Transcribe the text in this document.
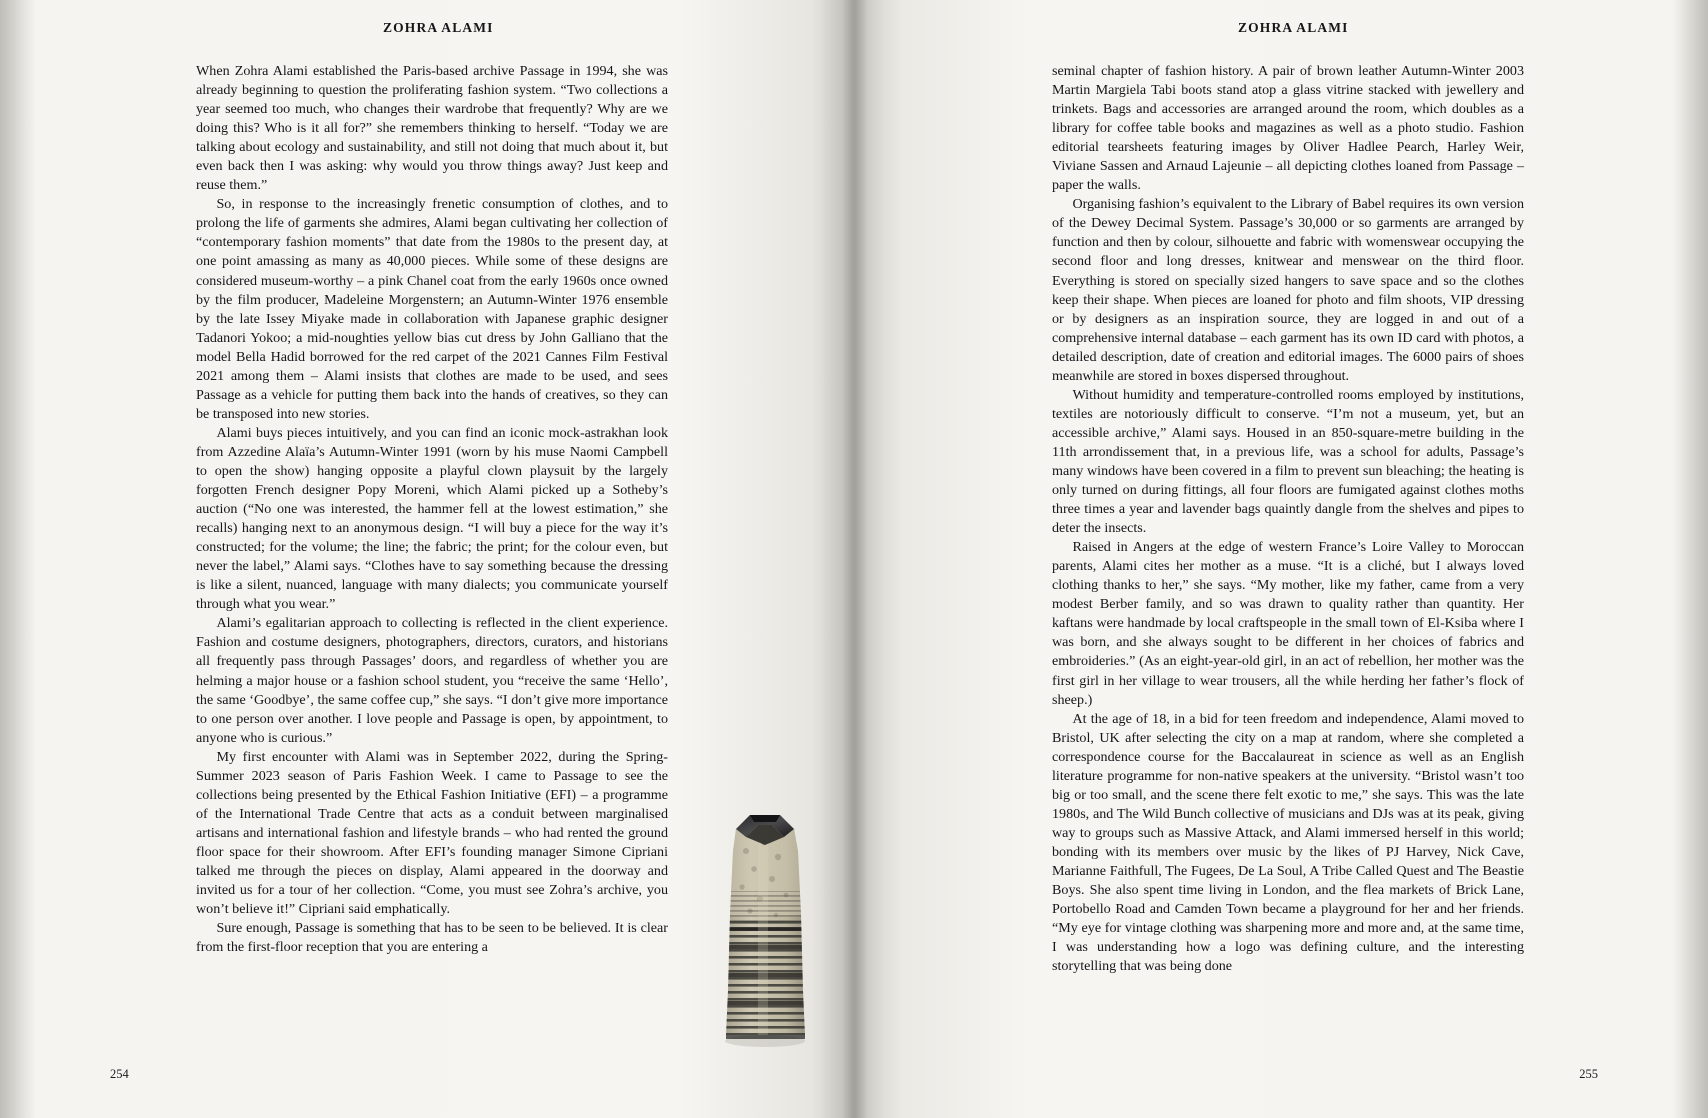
ZOHRA ALAMI	ZOHRA ALAMI

When Zohra Alami established the Paris-based archive Passage in 1994, she was already beginning to question the proliferating fashion system. “Two collections a year seemed too much, who changes their wardrobe that frequently? Why are we doing this? Who is it all for?” she remembers thinking to herself. “Today we are talking about ecology and sustainability, and still not doing that much about it, but even back then I was asking: why would you throw things away? Just keep and reuse them.”

So, in response to the increasingly frenetic consumption of clothes, and to prolong the life of garments she admires, Alami began cultivating her collection of “contemporary fashion moments” that date from the 1980s to the present day, at one point amassing as many as 40,000 pieces. While some of these designs are considered museum-worthy – a pink Chanel coat from the early 1960s once owned by the film producer, Madeleine Morgenstern; an Autumn-Winter 1976 ensemble by the late Issey Miyake made in collaboration with Japanese graphic designer Tadanori Yokoo; a mid-noughties yellow bias cut dress by John Galliano that the model Bella Hadid borrowed for the red carpet of the 2021 Cannes Film Festival 2021 among them – Alami insists that clothes are made to be used, and sees Passage as a vehicle for putting them back into the hands of creatives, so they can be transposed into new stories.

Alami buys pieces intuitively, and you can find an iconic mock-astrakhan look from Azzedine Alaïa’s Autumn-Winter 1991 (worn by his muse Naomi Campbell to open the show) hanging opposite a playful clown playsuit by the largely forgotten French designer Popy Moreni, which Alami picked up a Sotheby’s auction (“No one was interested, the hammer fell at the lowest estimation,” she recalls) hanging next to an anonymous design. “I will buy a piece for the way it’s constructed; for the volume; the line; the fabric; the print; for the colour even, but never the label,” Alami says. “Clothes have to say something because the dressing is like a silent, nuanced, language with many dialects; you communicate yourself through what you wear.”

Alami’s egalitarian approach to collecting is reflected in the client experience. Fashion and costume designers, photographers, directors, curators, and historians all frequently pass through Passages’ doors, and regardless of whether you are helming a major house or a fashion school student, you “receive the same ‘Hello’, the same ‘Goodbye’, the same coffee cup,” she says. “I don’t give more importance to one person over another. I love people and Passage is open, by appointment, to anyone who is curious.”

My first encounter with Alami was in September 2022, during the Spring-Summer 2023 season of Paris Fashion Week. I came to Passage to see the collections being presented by the Ethical Fashion Initiative (EFI) – a programme of the International Trade Centre that acts as a conduit between marginalised artisans and international fashion and lifestyle brands – who had rented the ground floor space for their showroom. After EFI’s founding manager Simone Cipriani talked me through the pieces on display, Alami appeared in the doorway and invited us for a tour of her collection. “Come, you must see Zohra’s archive, you won’t believe it!” Cipriani said emphatically.

Sure enough, Passage is something that has to be seen to be believed. It is clear from the first-floor reception that you are entering a

seminal chapter of fashion history. A pair of brown leather Autumn-Winter 2003 Martin Margiela Tabi boots stand atop a glass vitrine stacked with jewellery and trinkets. Bags and accessories are arranged around the room, which doubles as a library for coffee table books and magazines as well as a photo studio. Fashion editorial tearsheets featuring images by Oliver Hadlee Pearch, Harley Weir, Viviane Sassen and Arnaud Lajeunie – all depicting clothes loaned from Passage – paper the walls.

Organising fashion’s equivalent to the Library of Babel requires its own version of the Dewey Decimal System. Passage’s 30,000 or so garments are arranged by function and then by colour, silhouette and fabric with womenswear occupying the second floor and long dresses, knitwear and menswear on the third floor. Everything is stored on specially sized hangers to save space and so the clothes keep their shape. When pieces are loaned for photo and film shoots, VIP dressing or by designers as an inspiration source, they are logged in and out of a comprehensive internal database – each garment has its own ID card with photos, a detailed description, date of creation and editorial images. The 6000 pairs of shoes meanwhile are stored in boxes dispersed throughout.

Without humidity and temperature-controlled rooms employed by institutions, textiles are notoriously difficult to conserve. “I’m not a museum, yet, but an accessible archive,” Alami says. Housed in an 850-square-metre building in the 11th arrondissement that, in a previous life, was a school for adults, Passage’s many windows have been covered in a film to prevent sun bleaching; the heating is only turned on during fittings, all four floors are fumigated against clothes moths three times a year and lavender bags quaintly dangle from the shelves and pipes to deter the insects.

Raised in Angers at the edge of western France’s Loire Valley to Moroccan parents, Alami cites her mother as a muse. “It is a cliché, but I always loved clothing thanks to her,” she says. “My mother, like my father, came from a very modest Berber family, and so was drawn to quality rather than quantity. Her kaftans were handmade by local craftspeople in the small town of El-Ksiba where I was born, and she always sought to be different in her choices of fabrics and embroideries.” (As an eight-year-old girl, in an act of rebellion, her mother was the first girl in her village to wear trousers, all the while herding her father’s flock of sheep.)

At the age of 18, in a bid for teen freedom and independence, Alami moved to Bristol, UK after selecting the city on a map at random, where she completed a correspondence course for the Baccalaureat in science as well as an English literature programme for non-native speakers at the university. “Bristol wasn’t too big or too small, and the scene there felt exotic to me,” she says. This was the late 1980s, and The Wild Bunch collective of musicians and DJs was at its peak, giving way to groups such as Massive Attack, and Alami immersed herself in this world; bonding with its members over music by the likes of PJ Harvey, Nick Cave, Marianne Faithfull, The Fugees, De La Soul, A Tribe Called Quest and The Beastie Boys. She also spent time living in London, and the flea markets of Brick Lane, Portobello Road and Camden Town became a playground for her and her friends. “My eye for vintage clothing was sharpening more and more and, at the same time, I was understanding how a logo was defining culture, and the interesting storytelling that was being done

254	255
